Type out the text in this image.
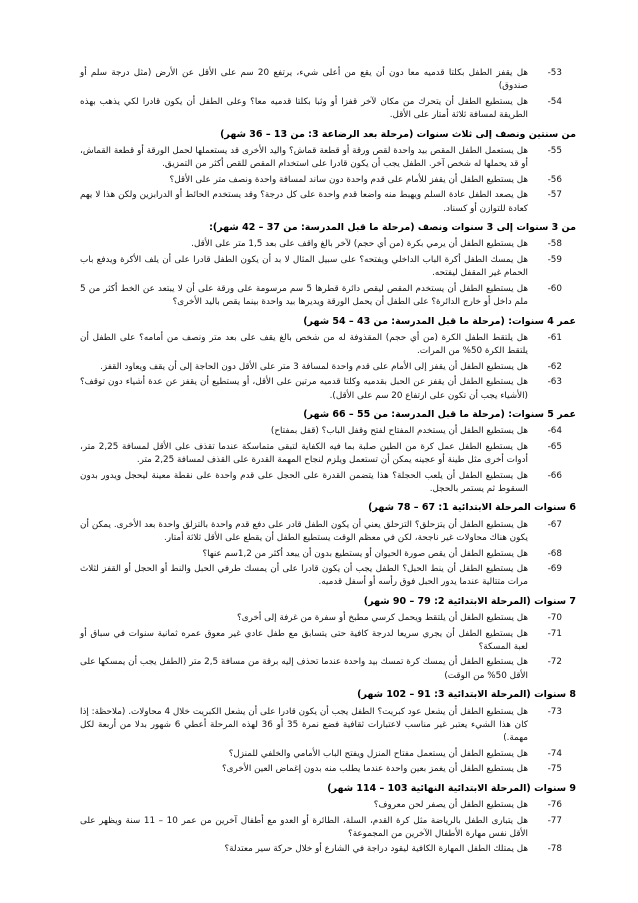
-53
هل يقفز الطفل بكلتا قدميه معا دون أن يقع من أعلى شيء، يرتفع 20 سم على الأقل عن الأرض (مثل درجة سلم أو صندوق)
-54
هل يستطيع الطفل أن يتحرك من مكان لآخر قفزا أو وثبا بكلتا قدميه معا؟ وعلى الطفل أن يكون قادرا لكي يذهب بهذه الطريقة لمسافة ثلاثة أمتار على الأقل.
من سنتين ونصف إلى ثلاث سنوات (مرحلة بعد الرضاعة 3: من 13 – 36 شهر)
-55
هل يستعمل الطفل المقص بيد واحدة لقص ورقة أو قطعة قماش؟ واليد الأخرى قد يستعملها لحمل الورقة أو قطعة القماش، أو قد يحملها له شخص آخر. الطفل يجب أن يكون قادرا على استخدام المقص للقص أكثر من التمزيق.
-56
هل يستطيع الطفل أن يقفز للأمام على قدم واحدة دون ساند لمسافة واحدة ونصف متر على الأقل؟
-57
هل يصعد الطفل عادة السلم ويهبط منه واضعا قدم واحدة على كل درجة؟ وقد يستخدم الحائط أو الدرابزين ولكن هذا لا يهم كعادة للتوازن أو كسناد.
من 3 سنوات إلى 3 سنوات ونصف (مرحلة ما قبل المدرسة: من 37 – 42 شهر):
-58
هل يستطيع الطفل أن يرمي بكرة (من أي حجم) لآخر بالغ واقف على بعد 1,5 متر على الأقل.
-59
هل يمسك الطفل أكرة الباب الداخلي ويفتحه؟ على سبيل المثال لا بد أن يكون الطفل قادرا على أن يلف الأكرة ويدفع باب الحمام غير المقفل ليفتحه.
-60
هل يستطيع الطفل أن يستخدم المقص ليقص دائرة قطرها 5 سم مرسومة على ورقة على أن لا يبتعد عن الخط أكثر من 5 ملم داخل أو خارج الدائرة؟ على الطفل أن يحمل الورقة ويديرها بيد واحدة بينما يقص باليد الأخرى؟
عمر 4 سنوات: (مرحلة ما قبل المدرسة: من 43 – 54 شهر)
-61
هل يلتقط الطفل الكرة (من أي حجم) المقذوفة له من شخص بالغ يقف على بعد متر ونصف من أمامه؟ على الطفل أن يلتقط الكرة 50% من المرات.
-62
هل يستطيع الطفل أن يقفز إلى الأمام على قدم واحدة لمسافة 3 متر على الأقل دون الحاجة إلى أن يقف ويعاود القفز.
-63
هل يستطيع الطفل أن يقفز عن الحبل بقدميه وكلتا قدميه مرتين على الأقل، أو يستطيع أن يقفز عن عدة أشياء دون توقف؟ (الأشياء يجب أن تكون على ارتفاع 20 سم على الأقل).
عمر 5 سنوات: (مرحلة ما قبل المدرسة: من 55 – 66 شهر)
-64
هل يستطيع الطفل أن يستخدم المفتاح لفتح وقفل الباب؟ (قفل بمفتاح)
-65
هل يستطيع الطفل عمل كرة من الطين صلبة بما فيه الكفاية لتبقى متماسكة عندما تقذف على الأقل لمسافة 2,25 متر، أدوات أخرى مثل طينة أو عجينه يمكن أن تستعمل ويلزم لنجاح المهمة القدرة على القذف لمسافة 2,25 متر.
-66
هل يستطيع الطفل أن يلعب الحجلة؟ هذا يتضمن القدرة على الحجل على قدم واحدة على نقطة معينة ليحجل ويدور بدون السقوط ثم يستمر بالحجل.
6 سنوات المرحلة الابتدائية 1: 67 – 78 شهر)
-67
هل يستطيع الطفل أن يتزحلق؟ التزحلق يعني أن يكون الطفل قادر على دفع قدم واحدة بالتزلق واحدة بعد الأخرى. يمكن أن يكون هناك محاولات غير ناجحة، لكن في معظم الوقت يستطيع الطفل أن يقطع على الأقل ثلاثة أمتار.
-68
هل يستطيع الطفل أن يقص صورة الحيوان أو يستطيع بدون أن يبعد أكثر من 1,2سم عنها؟
-69
هل يستطيع الطفل أن ينط الحبل؟ الطفل يجب أن يكون قادرا على أن يمسك طرفي الحبل والنط أو الحجل أو القفز لثلاث مرات متتالية عندما يدور الحبل فوق رأسه أو أسفل قدميه.
7 سنوات (المرحلة الابتدائية 2: 79 – 90 شهر)
-70
هل يستطيع الطفل أن يلتقط ويحمل كرسي مطبخ أو سفرة من غرفة إلى أخرى؟
-71
هل يستطيع الطفل أن يجري سريعا لدرجة كافية حتى يتسابق مع طفل عادي غير معوق عمره ثمانية سنوات في سباق أو لعبة المسكة؟
-72
هل يستطيع الطفل أن يمسك كرة تمسك بيد واحدة عندما تحذف إليه برقة من مسافة 2,5 متر (الطفل يجب أن يمسكها على الأقل 50% من الوقت)
8 سنوات (المرحلة الابتدائية 3: 91 – 102 شهر)
-73
هل يستطيع الطفل أن يشعل عود كبريت؟ الطفل يجب أن يكون قادرا على أن يشعل الكبريت خلال 4 محاولات. (ملاحظة: إذا كان هذا الشيء يعتبر غير مناسب لاعتبارات ثقافية فضع نمرة 35 أو 36 لهذه المرحلة أعطي 6 شهور بدلا من أربعة لكل مهمة.)
-74
هل يستطيع الطفل أن يستعمل مفتاح المنزل ويفتح الباب الأمامي والخلفي للمنزل؟
-75
هل يستطيع الطفل أن يغمز بعين واحدة عندما يطلب منه بدون إغماض العين الأخرى؟
9 سنوات (المرحلة الابتدائية النهائية 103 – 114 شهر)
-76
هل يستطيع الطفل أن يصفر لحن معروف؟
-77
هل يتبارى الطفل بالرياضة مثل كرة القدم، السلة، الطائرة أو العدو مع أطفال آخرين من عمر 10 – 11 سنة ويظهر على الأقل نفس مهارة الأطفال الآخرين من المجموعة؟
-78
هل يمتلك الطفل المهارة الكافية ليقود دراجة في الشارع أو خلال حركة سير معتدلة؟
